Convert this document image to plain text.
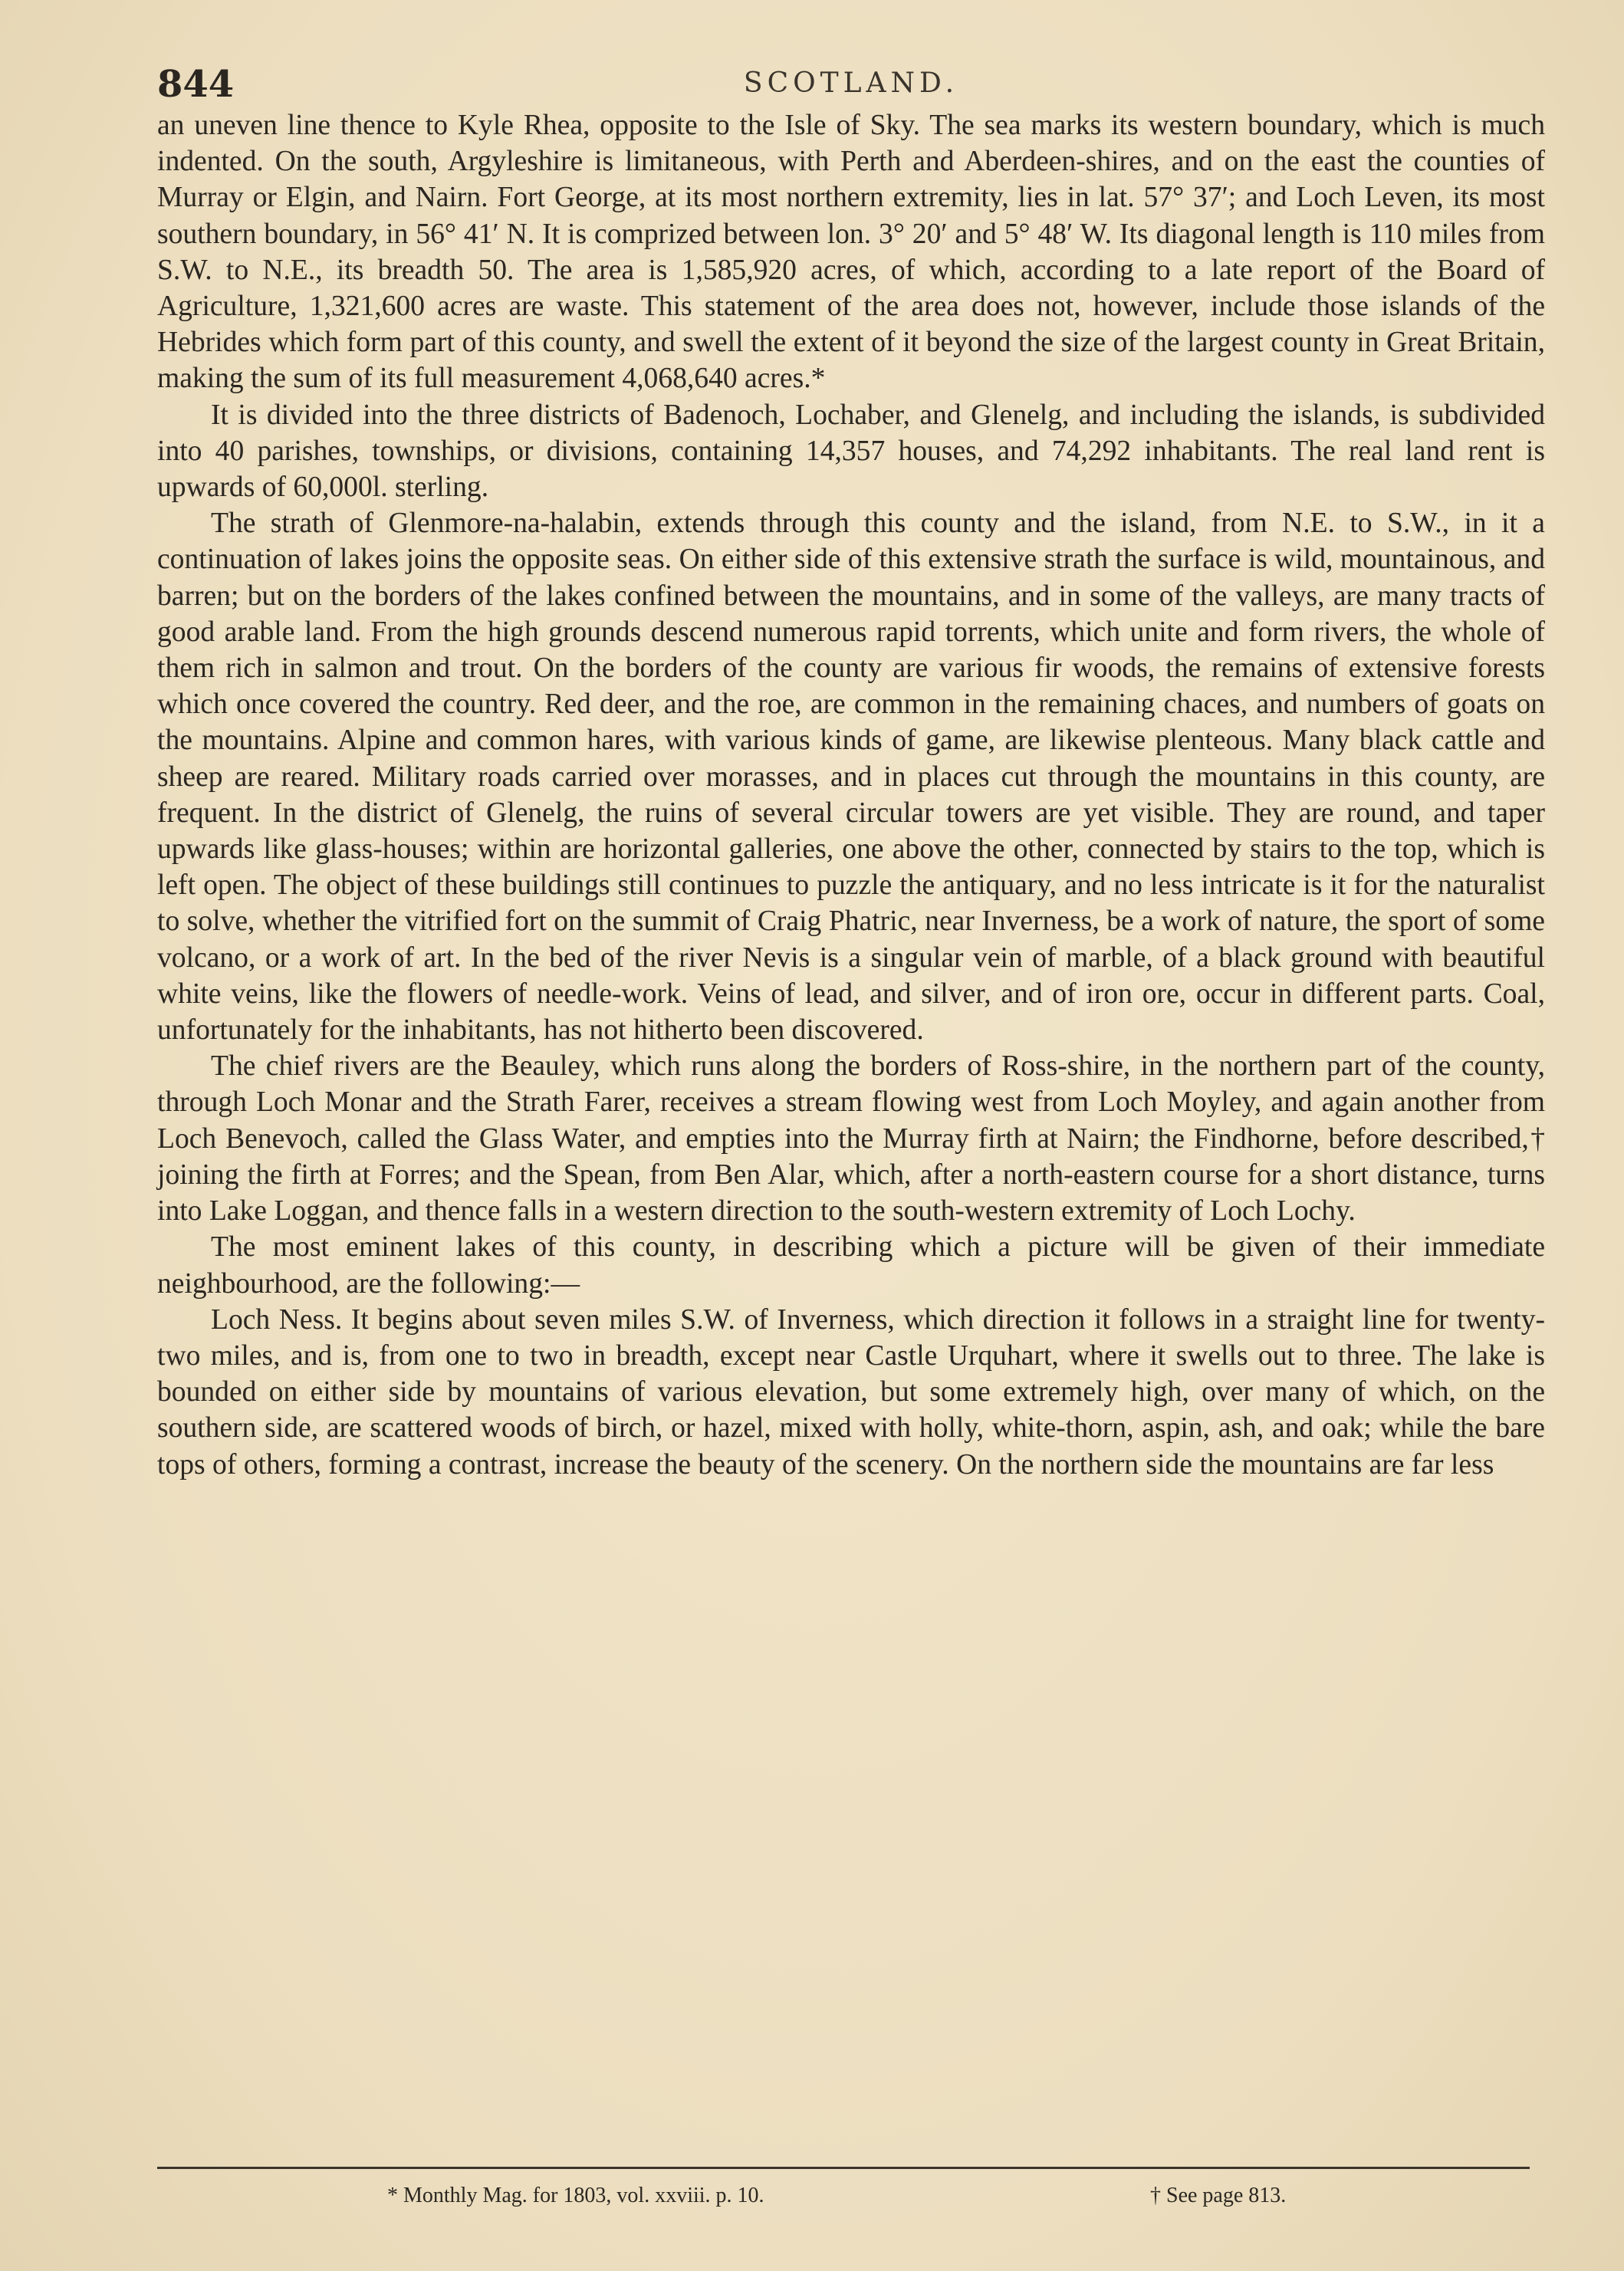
844	SCOTLAND.

an uneven line thence to Kyle Rhea, opposite to the Isle of Sky. The sea marks its western boundary, which is much indented. On the south, Argyleshire is limitaneous, with Perth and Aberdeen-shires, and on the east the counties of Murray or Elgin, and Nairn. Fort George, at its most northern extremity, lies in lat. 57° 37′; and Loch Leven, its most southern boundary, in 56° 41′ N. It is comprized between lon. 3° 20′ and 5° 48′ W. Its diagonal length is 110 miles from S.W. to N.E., its breadth 50. The area is 1,585,920 acres, of which, according to a late report of the Board of Agriculture, 1,321,600 acres are waste. This statement of the area does not, however, include those islands of the Hebrides which form part of this county, and swell the extent of it beyond the size of the largest county in Great Britain, making the sum of its full measurement 4,068,640 acres.*

It is divided into the three districts of Badenoch, Lochaber, and Glenelg, and including the islands, is subdivided into 40 parishes, townships, or divisions, containing 14,357 houses, and 74,292 inhabitants. The real land rent is upwards of 60,000l. sterling.

The strath of Glenmore-na-halabin, extends through this county and the island, from N.E. to S.W., in it a continuation of lakes joins the opposite seas. On either side of this extensive strath the surface is wild, mountainous, and barren; but on the borders of the lakes confined between the mountains, and in some of the valleys, are many tracts of good arable land. From the high grounds descend numerous rapid torrents, which unite and form rivers, the whole of them rich in salmon and trout. On the borders of the county are various fir woods, the remains of extensive forests which once covered the country. Red deer, and the roe, are common in the remaining chaces, and numbers of goats on the mountains. Alpine and common hares, with various kinds of game, are likewise plenteous. Many black cattle and sheep are reared. Military roads carried over morasses, and in places cut through the mountains in this county, are frequent. In the district of Glenelg, the ruins of several circular towers are yet visible. They are round, and taper upwards like glass-houses; within are horizontal galleries, one above the other, connected by stairs to the top, which is left open. The object of these buildings still continues to puzzle the antiquary, and no less intricate is it for the naturalist to solve, whether the vitrified fort on the summit of Craig Phatric, near Inverness, be a work of nature, the sport of some volcano, or a work of art. In the bed of the river Nevis is a singular vein of marble, of a black ground with beautiful white veins, like the flowers of needle-work. Veins of lead, and silver, and of iron ore, occur in different parts. Coal, unfortunately for the inhabitants, has not hitherto been discovered.

The chief rivers are the Beauley, which runs along the borders of Ross-shire, in the northern part of the county, through Loch Monar and the Strath Farer, receives a stream flowing west from Loch Moyley, and again another from Loch Benevoch, called the Glass Water, and empties into the Murray firth at Nairn; the Findhorne, before described,† joining the firth at Forres; and the Spean, from Ben Alar, which, after a north-eastern course for a short distance, turns into Lake Loggan, and thence falls in a western direction to the south-western extremity of Loch Lochy.

The most eminent lakes of this county, in describing which a picture will be given of their immediate neighbourhood, are the following:—

Loch Ness. It begins about seven miles S.W. of Inverness, which direction it follows in a straight line for twenty-two miles, and is, from one to two in breadth, except near Castle Urquhart, where it swells out to three. The lake is bounded on either side by mountains of various elevation, but some extremely high, over many of which, on the southern side, are scattered woods of birch, or hazel, mixed with holly, white-thorn, aspin, ash, and oak; while the bare tops of others, forming a contrast, increase the beauty of the scenery. On the northern side the mountains are far less

* Monthly Mag. for 1803, vol. xxviii. p. 10.	† See page 813.
